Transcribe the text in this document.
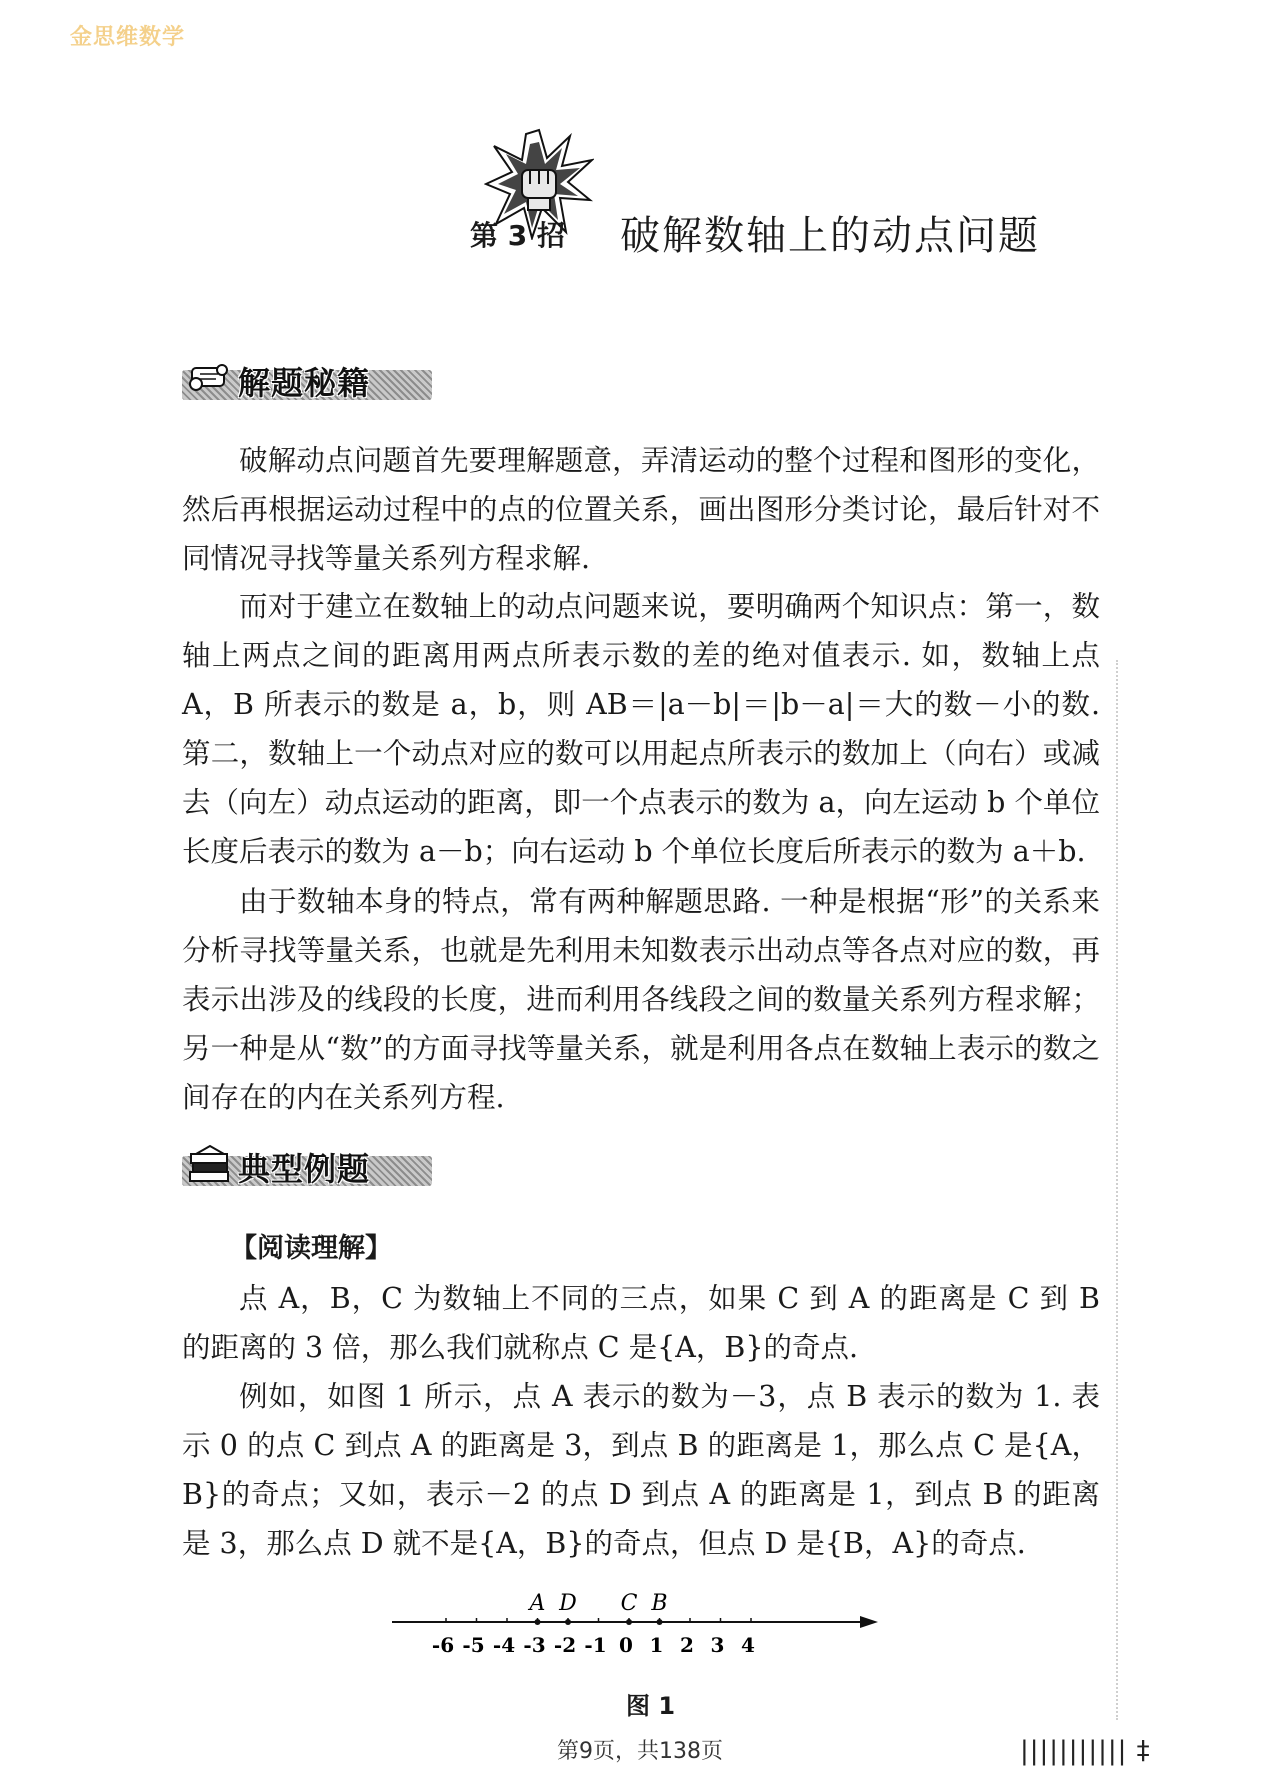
金思维数学
第 3 招 破解数轴上的动点问题
解题秘籍

破解动点问题首先要理解题意，弄清运动的整个过程和图形的变化，然后再根据运动过程中的点的位置关系，画出图形分类讨论，最后针对不同情况寻找等量关系列方程求解.

而对于建立在数轴上的动点问题来说，要明确两个知识点：第一，数轴上两点之间的距离用两点所表示数的差的绝对值表示. 如，数轴上点 A，B 所表示的数是 a，b，则 AB＝|a－b|＝|b－a|＝大的数－小的数. 第二，数轴上一个动点对应的数可以用起点所表示的数加上（向右）或减去（向左）动点运动的距离，即一个点表示的数为 a，向左运动 b 个单位长度后表示的数为 a－b；向右运动 b 个单位长度后所表示的数为 a＋b.

由于数轴本身的特点，常有两种解题思路. 一种是根据“形”的关系来分析寻找等量关系，也就是先利用未知数表示出动点等各点对应的数，再表示出涉及的线段的长度，进而利用各线段之间的数量关系列方程求解；另一种是从“数”的方面寻找等量关系，就是利用各点在数轴上表示的数之间存在的内在关系列方程.

典型例题
【阅读理解】

点 A，B，C 为数轴上不同的三点，如果 C 到 A 的距离是 C 到 B 的距离的 3 倍，那么我们就称点 C 是{A，B}的奇点.

例如，如图 1 所示，点 A 表示的数为－3，点 B 表示的数为 1. 表示 0 的点 C 到点 A 的距离是 3，到点 B 的距离是 1，那么点 C 是{A，B}的奇点；又如，表示－2 的点 D 到点 A 的距离是 1，到点 B 的距离是 3，那么点 D 就不是{A，B}的奇点，但点 D 是{B，A}的奇点.

-6 -5 -4 -3 -2 -1 0 1 2 3 4
A D C B
图 1
第9页，共138页	||||||||||| ‡
